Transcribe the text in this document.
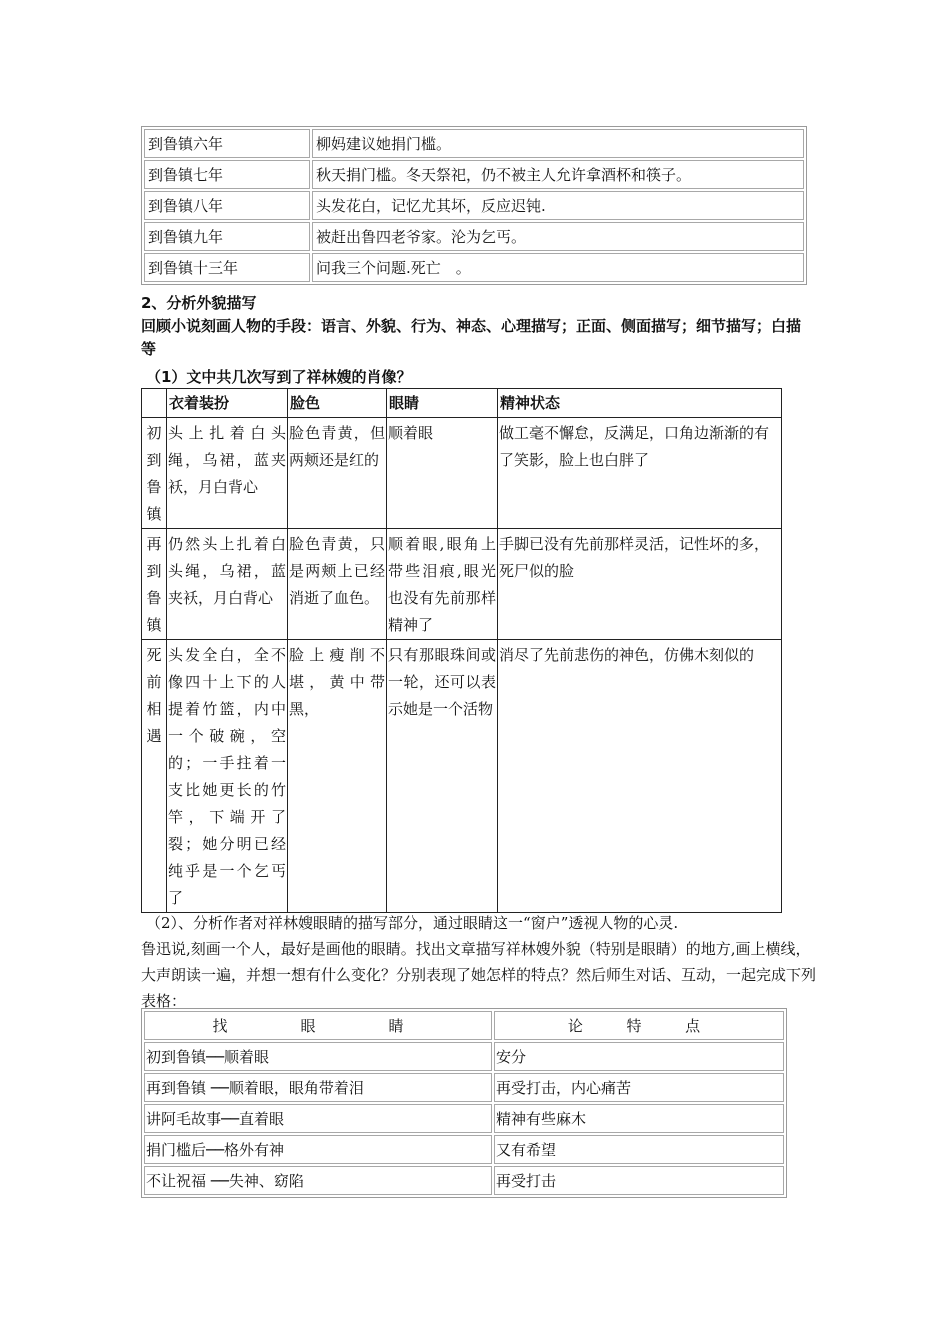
到鲁镇六年	柳妈建议她捐门槛。
到鲁镇七年	秋天捐门槛。冬天祭祀，仍不被主人允许拿酒杯和筷子。
到鲁镇八年	头发花白，记忆尤其坏，反应迟钝.
到鲁镇九年	被赶出鲁四老爷家。沦为乞丐。
到鲁镇十三年	问我三个问题.死亡　。
2、分析外貌描写
回顾小说刻画人物的手段：语言、外貌、行为、神态、心理描写；正面、侧面描写；细节描写；白描等
（1）文中共几次写到了祥林嫂的肖像？
	衣着装扮	脸色	眼睛	精神状态
初到鲁镇	头上扎着白头绳，乌裙，蓝夹袄，月白背心	脸色青黄，但两颊还是红的	顺着眼	做工毫不懈怠，反满足，口角边渐渐的有了笑影，脸上也白胖了
再到鲁镇	仍然头上扎着白头绳，乌裙，蓝夹袄，月白背心	脸色青黄，只是两颊上已经消逝了血色。	顺着眼,眼角上带些泪痕,眼光也没有先前那样精神了	手脚已没有先前那样灵活，记性坏的多，死尸似的脸
死前相遇	头发全白，全不像四十上下的人提着竹篮，内中一个破碗，空的；一手拄着一支比她更长的竹竿，下端开了裂；她分明已经纯乎是一个乞丐了	脸上瘦削不堪，黄中带黑，	只有那眼珠间或一轮，还可以表示她是一个活物	消尽了先前悲伤的神色，仿佛木刻似的
（2）、分析作者对祥林嫂眼睛的描写部分，通过眼睛这一“窗户”透视人物的心灵.
鲁迅说,刻画一个人，最好是画他的眼睛。找出文章描写祥林嫂外貌（特别是眼睛）的地方,画上横线，大声朗读一遍，并想一想有什么变化？分别表现了她怎样的特点？然后师生对话、互动，一起完成下列表格：
找 眼 睛	论 特 点

初到鲁镇──顺着眼	安分
再到鲁镇 ──顺着眼，眼角带着泪	再受打击，内心痛苦
讲阿毛故事──直着眼	精神有些麻木
捐门槛后──格外有神	又有希望
不让祝福 ──失神、窈陷	再受打击
